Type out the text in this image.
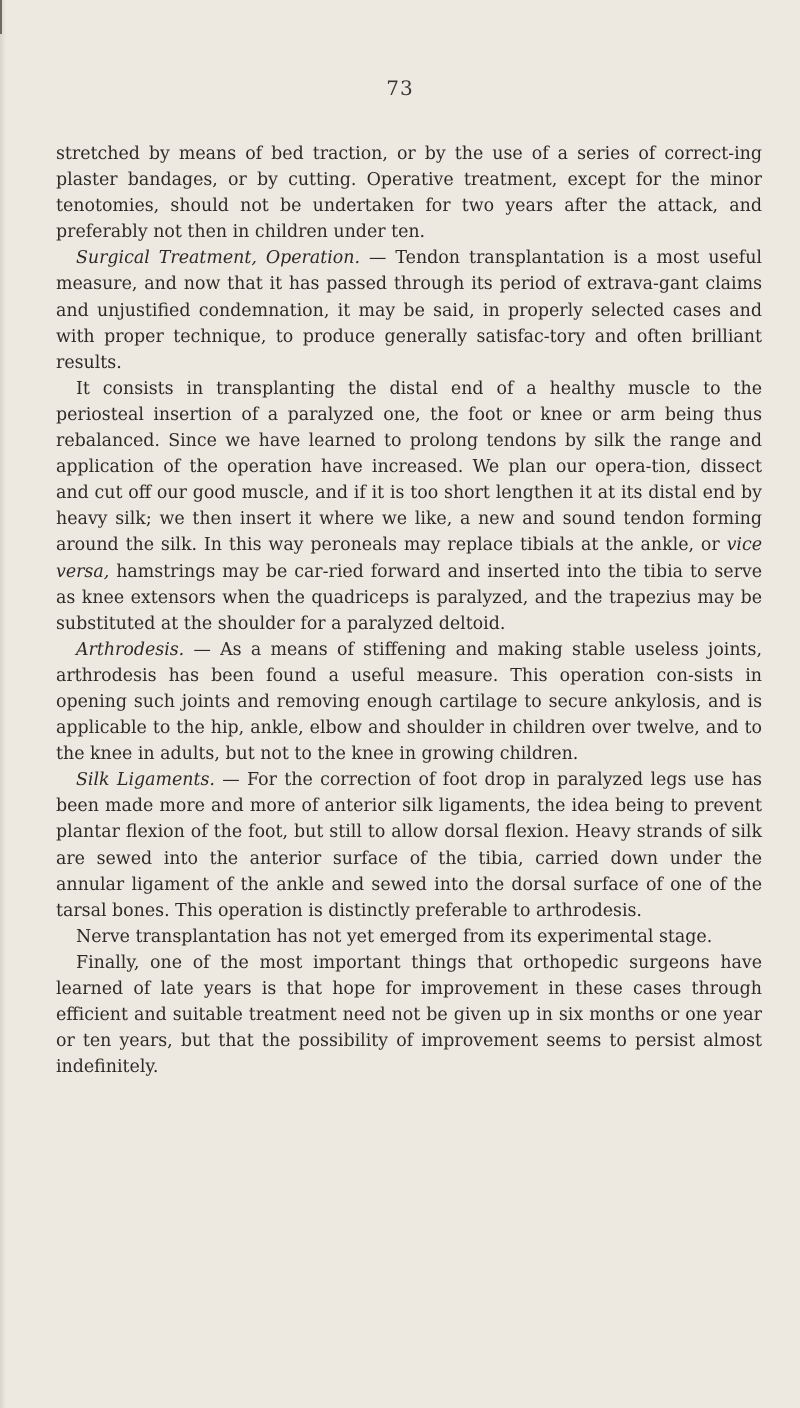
73

stretched by means of bed traction, or by the use of a series of correct-ing plaster bandages, or by cutting. Operative treatment, except for the minor tenotomies, should not be undertaken for two years after the attack, and preferably not then in children under ten.

Surgical Treatment, Operation. — Tendon transplantation is a most useful measure, and now that it has passed through its period of extrava-gant claims and unjustified condemnation, it may be said, in properly selected cases and with proper technique, to produce generally satisfac-tory and often brilliant results.

It consists in transplanting the distal end of a healthy muscle to the periosteal insertion of a paralyzed one, the foot or knee or arm being thus rebalanced. Since we have learned to prolong tendons by silk the range and application of the operation have increased. We plan our opera-tion, dissect and cut off our good muscle, and if it is too short lengthen it at its distal end by heavy silk; we then insert it where we like, a new and sound tendon forming around the silk. In this way peroneals may replace tibials at the ankle, or vice versa, hamstrings may be car-ried forward and inserted into the tibia to serve as knee extensors when the quadriceps is paralyzed, and the trapezius may be substituted at the shoulder for a paralyzed deltoid.

Arthrodesis. — As a means of stiffening and making stable useless joints, arthrodesis has been found a useful measure. This operation con-sists in opening such joints and removing enough cartilage to secure ankylosis, and is applicable to the hip, ankle, elbow and shoulder in children over twelve, and to the knee in adults, but not to the knee in growing children.

Silk Ligaments. — For the correction of foot drop in paralyzed legs use has been made more and more of anterior silk ligaments, the idea being to prevent plantar flexion of the foot, but still to allow dorsal flexion. Heavy strands of silk are sewed into the anterior surface of the tibia, carried down under the annular ligament of the ankle and sewed into the dorsal surface of one of the tarsal bones. This operation is distinctly preferable to arthrodesis.

Nerve transplantation has not yet emerged from its experimental stage.

Finally, one of the most important things that orthopedic surgeons have learned of late years is that hope for improvement in these cases through efficient and suitable treatment need not be given up in six months or one year or ten years, but that the possibility of improvement seems to persist almost indefinitely.
